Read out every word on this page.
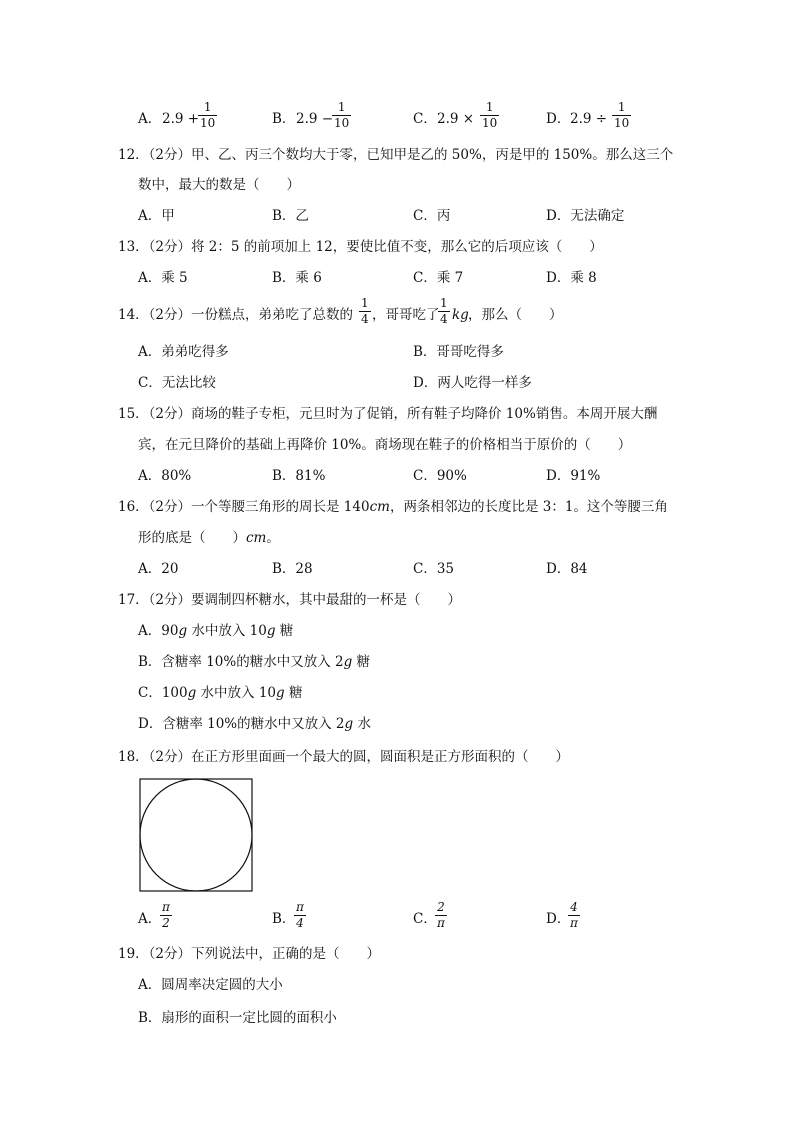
A． 2.9 +
1
10	B． 2.9 −
1
10	C． 2.9 ×
1
10	D． 2.9 ÷
1
10
12．（2分）甲、乙、丙三个数均大于零，已知甲是乙的 50%，丙是甲的 150%。那么这三个
数中，最大的数是（　　）
A．甲	B．乙	C．丙	D．无法确定
13．（2分）将 2：5 的前项加上 12，要使比值不变，那么它的后项应该（　　）
A．乘 5	B．乘 6	C．乘 7	D．乘 8
14．（2分）一份糕点，弟弟吃了总数的
1
4 ，哥哥吃了
1
4 kg ，那么（　　）
A．弟弟吃得多	B．哥哥吃得多
C．无法比较	D．两人吃得一样多
15．（2分）商场的鞋子专柜，元旦时为了促销，所有鞋子均降价 10%销售。本周开展大酬
宾，在元旦降价的基础上再降价 10%。商场现在鞋子的价格相当于原价的（　　）
A．80%	B．81%	C．90%	D．91%
16．（2分）一个等腰三角形的周长是 140cm，两条相邻边的长度比是 3：1。这个等腰三角
形的底是（　　）cm。
A．20	B．28	C．35	D．84
17．（2分）要调制四杯糖水，其中最甜的一杯是（　　）
A．90g 水中放入 10g 糖
B．含糖率 10%的糖水中又放入 2g 糖
C．100g 水中放入 10g 糖
D．含糖率 10%的糖水中又放入 2g 水
18．（2分）在正方形里面画一个最大的圆，圆面积是正方形面积的（　　）
A．
π
2	B．
π
4	C．
2
π	D．
4
π
19．（2分）下列说法中，正确的是（　　）
A．圆周率决定圆的大小
B．扇形的面积一定比圆的面积小
